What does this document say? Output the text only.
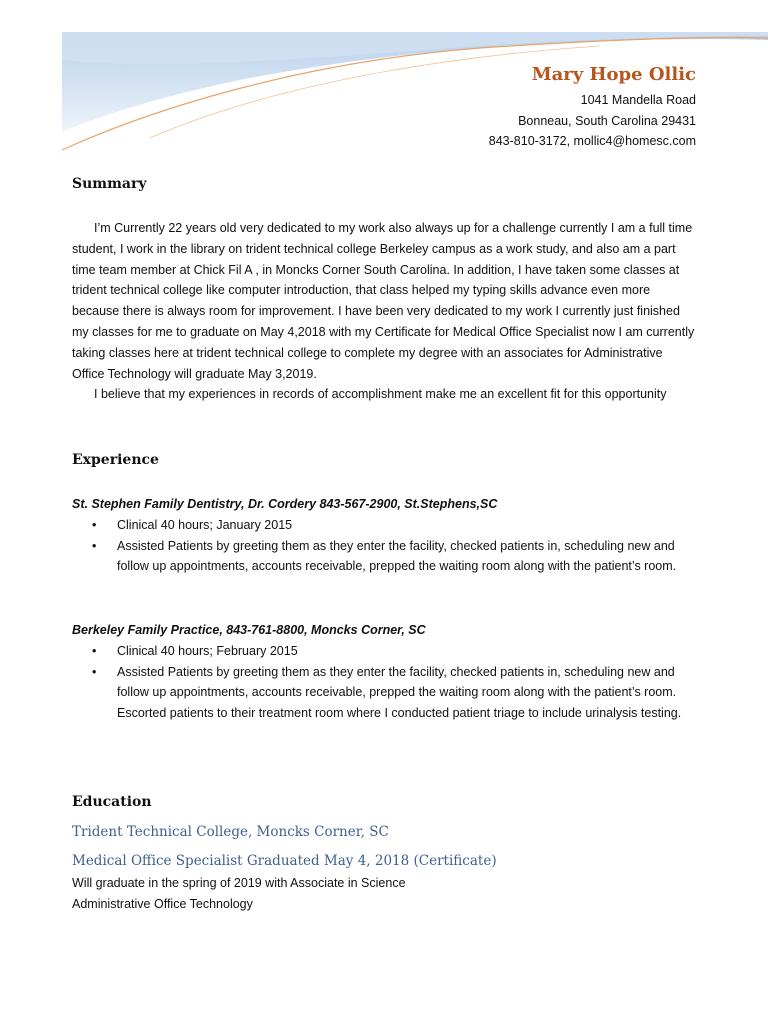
Mary Hope Ollic
1041 Mandella Road
Bonneau, South Carolina 29431
843-810-3172, mollic4@homesc.com
Summary

I’m Currently 22 years old very dedicated to my work also always up for a challenge currently I am a full time student, I work in the library on trident technical college Berkeley campus as a work study, and also am a part time team member at Chick Fil A , in Moncks Corner South Carolina. In addition, I have taken some classes at trident technical college like computer introduction, that class helped my typing skills advance even more because there is always room for improvement. I have been very dedicated to my work I currently just finished my classes for me to graduate on May 4,2018 with my Certificate for Medical Office Specialist now I am currently taking classes here at trident technical college to complete my degree with an associates for Administrative Office Technology will graduate May 3,2019.

I believe that my experiences in records of accomplishment make me an excellent fit for this opportunity

Experience
St. Stephen Family Dentistry, Dr. Cordery 843-567-2900, St.Stephens,SC
• Clinical 40 hours; January 2015
• Assisted Patients by greeting them as they enter the facility, checked patients in, scheduling new and follow up appointments, accounts receivable, prepped the waiting room along with the patient’s room.
Berkeley Family Practice, 843-761-8800, Moncks Corner, SC
• Clinical 40 hours; February 2015
• Assisted Patients by greeting them as they enter the facility, checked patients in, scheduling new and follow up appointments, accounts receivable, prepped the waiting room along with the patient’s room. Escorted patients to their treatment room where I conducted patient triage to include urinalysis testing.
Education
Trident Technical College, Moncks Corner, SC
Medical Office Specialist Graduated May 4, 2018 (Certificate)
Will graduate in the spring of 2019 with Associate in Science
Administrative Office Technology
